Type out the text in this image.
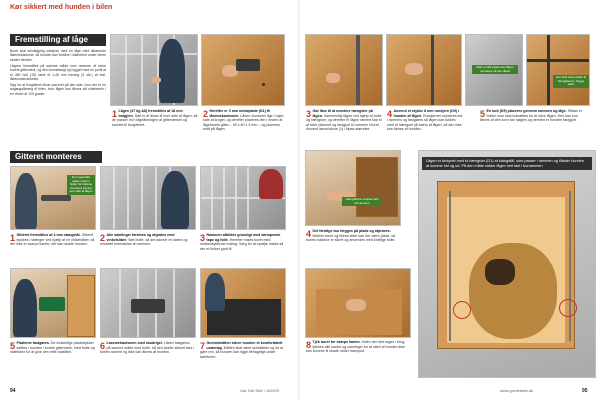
Kør sikkert med hunden i bilen
Fremstilling af låge

Buret skal selvfølgelig udstyres med en låge med tilhørende låsemekanisme, så hunden kan forblive i sikkerhed under deres stroller færden.

Lågens fremstilles på samme måde som rammen af selve burets gitterværk, og den lovmæssigt og bygget med en profil af et 480 hult (15) samt et 1,45 mm lukning (3 stk.) af hull-låsekonstruktionen.

Søg for at burgitteret bliver placeret på den side, hvor der er en adgangsåbning til bilen, hvor lågen kan åbnes stil sidebanen i en vinkel af 120 grader.

1 Lågen (47 kg A8) fremstilles af 18 mm bolgjern. Sæt to af disse til hver side af lågen, så de passer ind i lågeåbningen af gitterværket og samles til burgitteret.
2 Herefter er 3 mm metalplade (D1) til låsemekanismen. Låsen monteres lige i højre side af kroget, og derefter placeres den i enden af lågeburets gitter – 90 x 40 x 3 mm – og placeres midt på lågen.
Gitteret monteres
Den specielle plade med to huller for boltene monteres på den ene side af lågen
1 Gitteret fremstilles af 4 mm stangstål. Gitteret stykkes i stænger ved hjælp af en vinkelsliber, så der ikke er skarpe kanter, der kan skade hunden.
2 Alle samlinger fæstnes og afgrates med vinkelsliber. Sæt bolte, så det danner en stærk og ensartet forbindelse af rammen.
3 Rammen afbildes grundigt med dæmpende tape og folie. Herefter males buret med rustbeskyttende maling. Sørg for at sprøjte males så der er lukket godt til.
5 Pladerne fastgøres. De forskellige pladestykker sættes i bunden i burets gitterværk, med bolte og møtrikker for at give den rette stabilitet.
6 Lasemekanismen med skudrigel. Låsen fastgøres på samme måde med bolte, så den sidder sikkert fast i burets ramme og ikke kan åbnes af hunden.
7 Gummimåtten sikrer hunden et komfortabelt underlag. Måtten skal være skridsikker og let at gøre ren, så hunden kan ligge behageligt under køreturen.
94	Gør Det Selv • 8/2009
Med en lille plade kan lågen monteres så den låses
Der skal være huller til hængslerne i begge sider
3 Gør låse til at montere hængsler på lågen. Sammenføj lågen ved hjælp af bolte og hængsler, og derefter er lågen ramme klar til at blive placeret og fastgjort til rammen i buret. Anvend løsne/skrue (1) i tilpas størrelse.
4 Anvend et stykke 8 mm rundjern (D9) i hunden af lågen. Rundjernet monteres ind i rammen og fastgøres så lågen kan lukkes med et hængsel på tværs af lågen, så den ikke kan åbnes af hunden.
5 En bolt (D9) placeres gennem rammen og låge. Sådan er bolten som skal indsættes for at sikre lågen. Den kan kun åbnes af den som har nøglen og dermed er hunden fastgjort.
Hængslerne svejses fast på rammen
4 Det færdige bur lægges på plads og afprøves. Mellem buret og bilens sider kan der være plads, så burets balance er sikret og anvendes med kraftige bolte.
Lågen er forsynet med to hængsler (D1) af stangstål, som passer i rammen og tillader hunden at komme ind og ud. På den måde sidder lågen helt fast i burrammen.
8 Tjek buret for skarpe kanter. Inden det hele tages i brug, tjekkes alle kanter og samlinger for at sikre at hunden ikke kan komme til skade under transport.
www.gordetselv.dk	95
